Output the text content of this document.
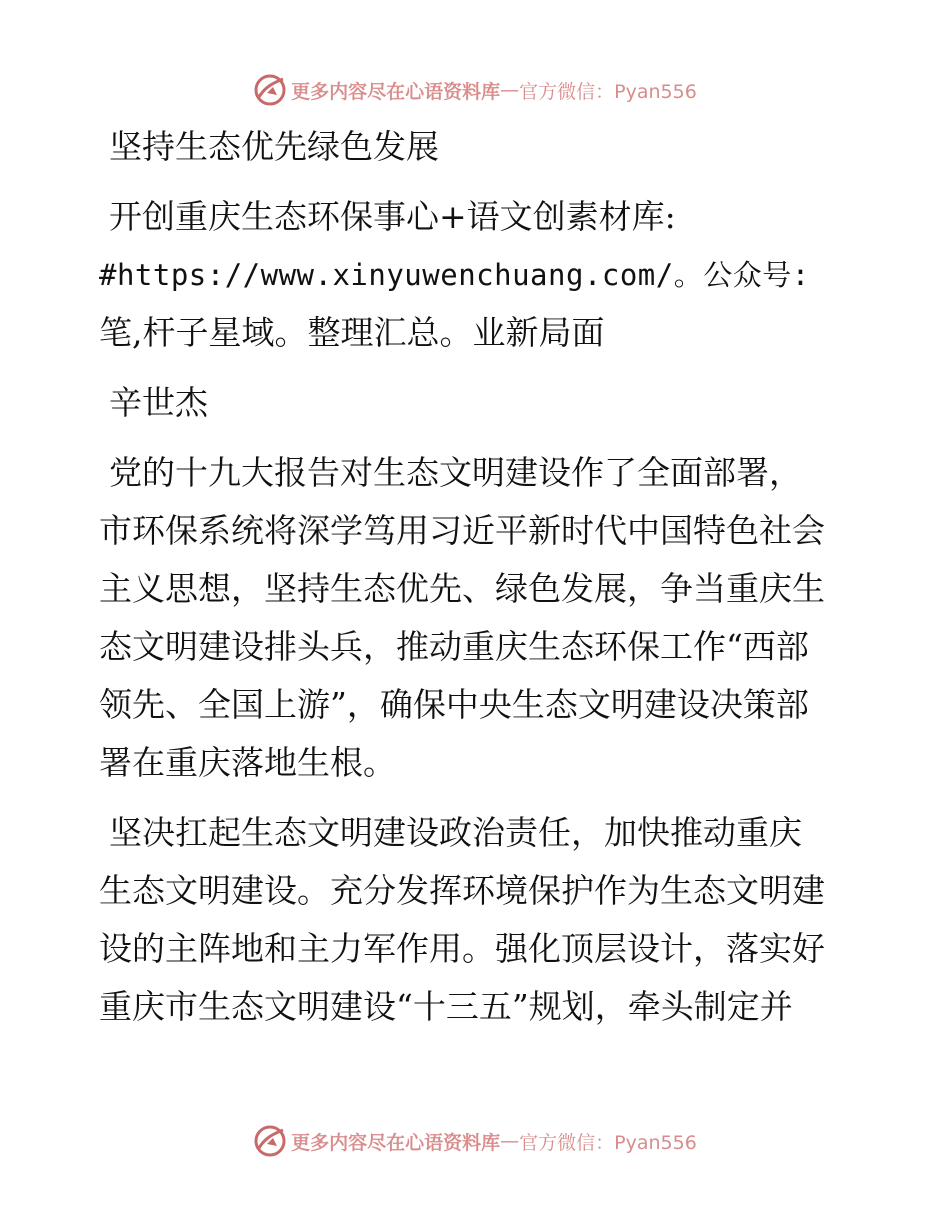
更多内容尽在心语资料库 — 官方微信：Pyan556
坚持生态优先绿色发展
开创重庆生态环保事心+语文创素材库:
#https://www.xinyuwenchuang.com/。公众号:
笔,杆子星域。整理汇总。业新局面
辛世杰
党的十九大报告对生态文明建设作了全面部署，
市环保系统将深学笃用习近平新时代中国特色社会
主义思想，坚持生态优先、绿色发展，争当重庆生
态文明建设排头兵，推动重庆生态环保工作“西部
领先、全国上游”，确保中央生态文明建设决策部
署在重庆落地生根。
坚决扛起生态文明建设政治责任，加快推动重庆
生态文明建设。充分发挥环境保护作为生态文明建
设的主阵地和主力军作用。强化顶层设计，落实好
重庆市生态文明建设“十三五”规划，牵头制定并
更多内容尽在心语资料库 — 官方微信：Pyan556
